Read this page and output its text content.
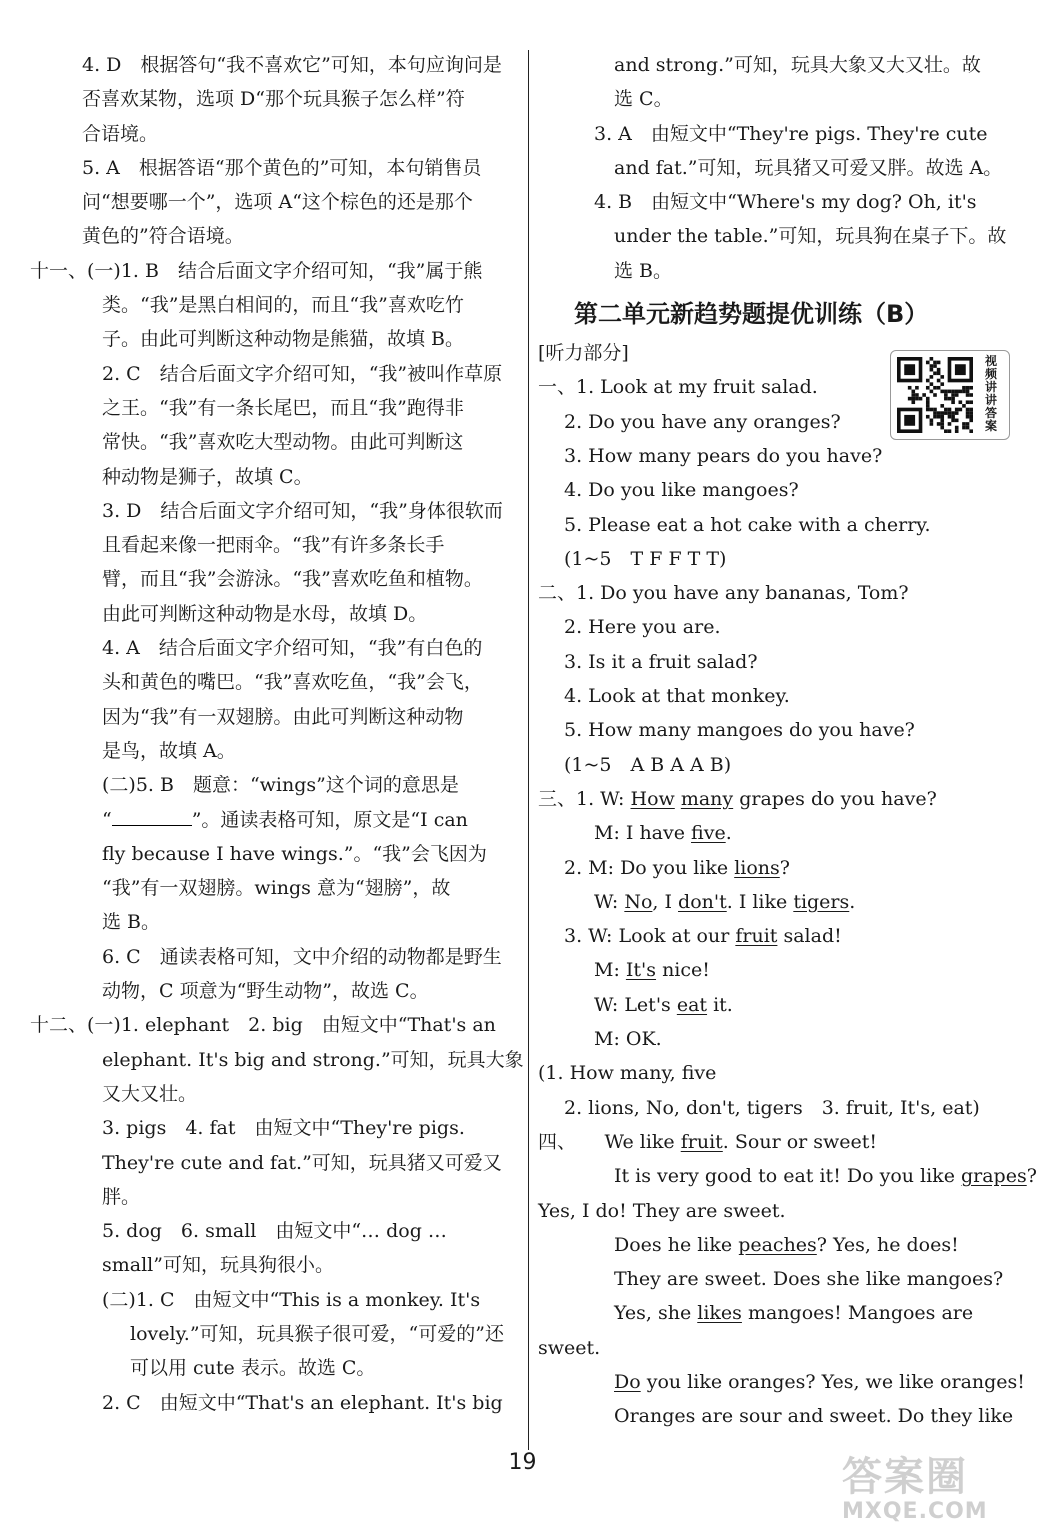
4. D　根据答句“我不喜欢它”可知，本句应询问是
否喜欢某物，选项 D“那个玩具猴子怎么样”符
合语境。
5. A　根据答语“那个黄色的”可知，本句销售员
问“想要哪一个”，选项 A“这个棕色的还是那个
黄色的”符合语境。
十一、(一)1. B　结合后面文字介绍可知，“我”属于熊
类。“我”是黑白相间的，而且“我”喜欢吃竹
子。由此可判断这种动物是熊猫，故填 B。
2. C　结合后面文字介绍可知，“我”被叫作草原
之王。“我”有一条长尾巴，而且“我”跑得非
常快。“我”喜欢吃大型动物。由此可判断这
种动物是狮子，故填 C。
3. D　结合后面文字介绍可知，“我”身体很软而
且看起来像一把雨伞。“我”有许多条长手
臂，而且“我”会游泳。“我”喜欢吃鱼和植物。
由此可判断这种动物是水母，故填 D。
4. A　结合后面文字介绍可知，“我”有白色的
头和黄色的嘴巴。“我”喜欢吃鱼，“我”会飞，
因为“我”有一双翅膀。由此可判断这种动物
是鸟，故填 A。
(二)5. B　题意：“wings”这个词的意思是
“	”。通读表格可知，原文是“I can
fly because I have wings.”。“我”会飞因为
“我”有一双翅膀。wings 意为“翅膀”，故
选 B。
6. C　通读表格可知，文中介绍的动物都是野生
动物，C 项意为“野生动物”，故选 C。
十二、(一)1. elephant　2. big　由短文中“That's an
elephant. It's big and strong.”可知，玩具大象
又大又壮。
3. pigs　4. fat　由短文中“They're pigs.
They're cute and fat.”可知，玩具猪又可爱又
胖。
5. dog　6. small　由短文中“… dog …
small”可知，玩具狗很小。
(二)1. C　由短文中“This is a monkey. It's
lovely.”可知，玩具猴子很可爱，“可爱的”还
可以用 cute 表示。故选 C。
2. C　由短文中“That's an elephant. It's big
and strong.”可知，玩具大象又大又壮。故
选 C。
3. A　由短文中“They're pigs. They're cute
and fat.”可知，玩具猪又可爱又胖。故选 A。
4. B　由短文中“Where's my dog? Oh, it's
under the table.”可知，玩具狗在桌子下。故
选 B。
第二单元新趋势题提优训练（B）
[听力部分]
一、1. Look at my fruit salad.
2. Do you have any oranges?
3. How many pears do you have?
4. Do you like mangoes?
5. Please eat a hot cake with a cherry.
(1~5　T F F T T)
二、1. Do you have any bananas, Tom?
2. Here you are.
3. Is it a fruit salad?
4. Look at that monkey.
5. How many mangoes do you have?
(1~5　A B A A B)
三、1. W: How many grapes do you have?
M: I have five.
2. M: Do you like lions?
W: No, I don't. I like tigers.
3. W: Look at our fruit salad!
M: It's nice!
W: Let's eat it.
M: OK.
(1. How many, five
2. lions, No, don't, tigers　3. fruit, It's, eat)
四、　　We like fruit. Sour or sweet!
It is very good to eat it! Do you like grapes?
Yes, I do! They are sweet.
Does he like peaches? Yes, he does!
They are sweet. Does she like mangoes?
Yes, she likes mangoes! Mangoes are
sweet.
Do you like oranges? Yes, we like oranges!
Oranges are sour and sweet. Do they like
视频讲讲答案
19	答案圈
MXQE.COM
